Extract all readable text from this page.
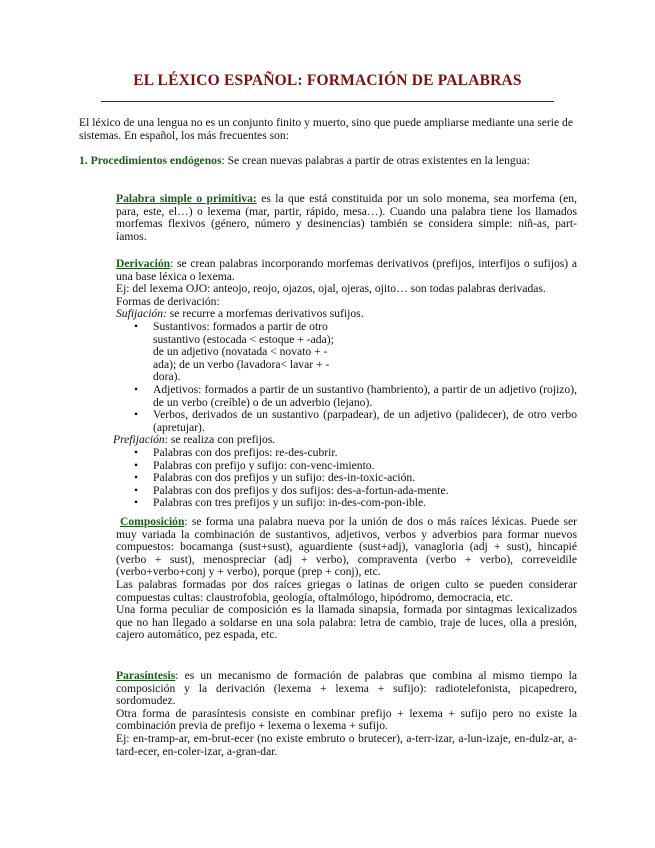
EL LÉXICO ESPAÑOL: FORMACIÓN DE PALABRAS

El léxico de una lengua no es un conjunto finito y muerto, sino que puede ampliarse mediante una serie de sistemas. En español, los más frecuentes son:

1. Procedimientos endógenos: Se crean nuevas palabras a partir de otras existentes en la lengua:

Palabra simple o primitiva: es la que está constituida por un solo monema, sea morfema (en, para, este, el…) o lexema (mar, partir, rápido, mesa…). Cuando una palabra tiene los llamados morfemas flexivos (género, número y desinencias) también se considera simple: niñ-as, part-íamos.

Derivación: se crean palabras incorporando morfemas derivativos (prefijos, interfijos o sufijos) a una base léxica o lexema.
Ej: del lexema OJO: anteojo, reojo, ojazos, ojal, ojeras, ojito… son todas palabras derivadas.
Formas de derivación:
Sufijación: se recurre a morfemas derivativos sufijos.
• Sustantivos: formados a partir de otro sustantivo (estocada < estoque + -ada); de un adjetivo (novatada < novato + -ada); de un verbo (lavadora< lavar + -dora).
• Adjetivos: formados a partir de un sustantivo (hambriento), a partir de un adjetivo (rojizo), de un verbo (creíble) o de un adverbio (lejano).
• Verbos, derivados de un sustantivo (parpadear), de un adjetivo (palidecer), de otro verbo (apretujar).
Prefijación: se realiza con prefijos.
• Palabras con dos prefijos: re-des-cubrir.
• Palabras con prefijo y sufijo: con-venc-imiento.
• Palabras con dos prefijos y un sufijo: des-in-toxic-ación.
• Palabras con dos prefijos y dos sufijos: des-a-fortun-ada-mente.
• Palabras con tres prefijos y un sufijo: in-des-com-pon-ible.
Composición: se forma una palabra nueva por la unión de dos o más raíces léxicas. Puede ser muy variada la combinación de sustantivos, adjetivos, verbos y adverbios para formar nuevos compuestos: bocamanga (sust+sust), aguardiente (sust+adj), vanagloria (adj + sust), hincapié (verbo + sust), menospreciar (adj + verbo), compraventa (verbo + verbo), correveidile (verbo+verbo+conj y + verbo), porque (prep + conj), etc.
Las palabras formadas por dos raíces griegas o latinas de origen culto se pueden considerar compuestas cultas: claustrofobia, geología, oftalmólogo, hipódromo, democracia, etc.
Una forma peculiar de composición es la llamada sinapsia, formada por sintagmas lexicalizados que no han llegado a soldarse en una sola palabra: letra de cambio, traje de luces, olla a presión, cajero automático, pez espada, etc.
Parasíntesis: es un mecanismo de formación de palabras que combina al mismo tiempo la composición y la derivación (lexema + lexema + sufijo): radiotelefonista, picapedrero, sordomudez.
Otra forma de parasíntesis consiste en combinar prefijo + lexema + sufijo pero no existe la combinación previa de prefijo + lexema o lexema + sufijo.
Ej: en-tramp-ar, em-brut-ecer (no existe embruto o brutecer), a-terr-izar, a-lun-izaje, en-dulz-ar, a-tard-ecer, en-coler-izar, a-gran-dar.
